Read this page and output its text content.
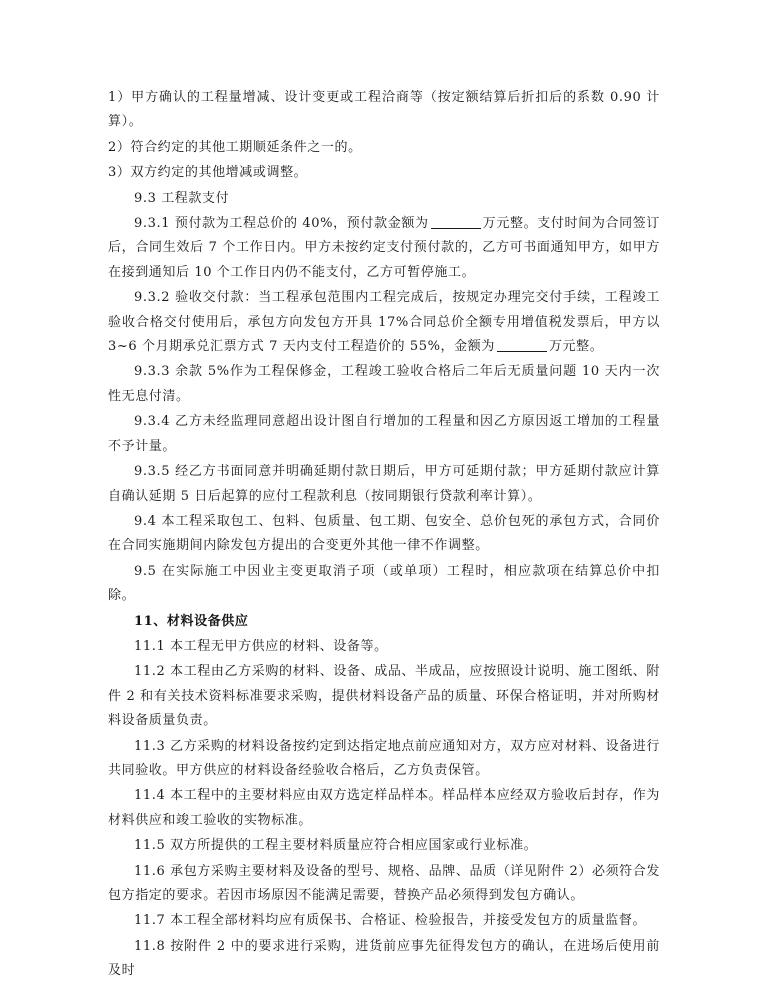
1）甲方确认的工程量增减、设计变更或工程洽商等（按定额结算后折扣后的系数 0.90 计算）。

2）符合约定的其他工期顺延条件之一的。

3）双方约定的其他增减或调整。

9.3 工程款支付

9.3.1 预付款为工程总价的 40%，预付款金额为	万元整。支付时间为合同签订后，合同生效后 7 个工作日内。甲方未按约定支付预付款的，乙方可书面通知甲方，如甲方在接到通知后 10 个工作日内仍不能支付，乙方可暂停施工。

9.3.2 验收交付款：当工程承包范围内工程完成后，按规定办理完交付手续，工程竣工验收合格交付使用后，承包方向发包方开具 17%合同总价全额专用增值税发票后，甲方以 3~6 个月期承兑汇票方式 7 天内支付工程造价的 55%，金额为	万元整。

9.3.3 余款 5%作为工程保修金，工程竣工验收合格后二年后无质量问题 10 天内一次性无息付清。

9.3.4 乙方未经监理同意超出设计图自行增加的工程量和因乙方原因返工增加的工程量不予计量。

9.3.5 经乙方书面同意并明确延期付款日期后，甲方可延期付款；甲方延期付款应计算自确认延期 5 日后起算的应付工程款利息（按同期银行贷款利率计算）。

9.4 本工程采取包工、包料、包质量、包工期、包安全、总价包死的承包方式，合同价在合同实施期间内除发包方提出的合变更外其他一律不作调整。

9.5 在实际施工中因业主变更取消子项（或单项）工程时，相应款项在结算总价中扣除。

11、材料设备供应

11.1 本工程无甲方供应的材料、设备等。

11.2 本工程由乙方采购的材料、设备、成品、半成品，应按照设计说明、施工图纸、附件 2 和有关技术资料标准要求采购，提供材料设备产品的质量、环保合格证明，并对所购材料设备质量负责。

11.3 乙方采购的材料设备按约定到达指定地点前应通知对方，双方应对材料、设备进行共同验收。甲方供应的材料设备经验收合格后，乙方负责保管。

11.4 本工程中的主要材料应由双方选定样品样本。样品样本应经双方验收后封存，作为材料供应和竣工验收的实物标准。

11.5 双方所提供的工程主要材料质量应符合相应国家或行业标准。

11.6 承包方采购主要材料及设备的型号、规格、品牌、品质（详见附件 2）必须符合发包方指定的要求。若因市场原因不能满足需要，替换产品必须得到发包方确认。

11.7 本工程全部材料均应有质保书、合格证、检验报告，并接受发包方的质量监督。

11.8 按附件 2 中的要求进行采购，进货前应事先征得发包方的确认，在进场后使用前及时
